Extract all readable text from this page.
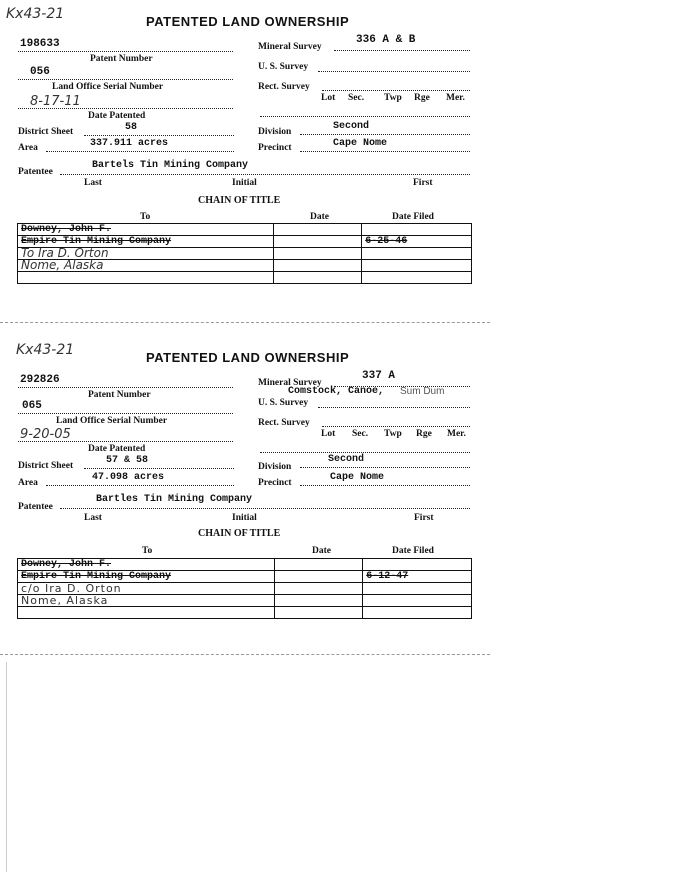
Kx43-21	PATENTED LAND OWNERSHIP
198633
Patent Number
056
Land Office Serial Number
8-17-11
Date Patented
District Sheet	58
Area	337.911 acres
Mineral Survey
336 A & B
U. S. Survey
Rect. Survey
Lot Sec. Twp Rge Mer.
Division	Second
Precinct	Cape Nome
Patentee
Bartels Tin Mining Company
Last	Initial	First
CHAIN OF TITLE
To	Date	Date Filed
Downey, John F.		
Empire Tin Mining Company		6-25-46
To Ira D. Orton		
Nome, Alaska		

Kx43-21	PATENTED LAND OWNERSHIP
292826
Patent Number
065
Land Office Serial Number
9-20-05
Date Patented
District Sheet	57 & 58
Area	47.098 acres
Mineral Survey
337 A
Comstock, Canoe, Sum Dum
U. S. Survey
Rect. Survey
Lot Sec. Twp Rge Mer.
Division
Second
Precinct	Cape Nome
Patentee
Bartles Tin Mining Company
Last	Initial	First
CHAIN OF TITLE
To	Date	Date Filed
Downey, John F.		
Empire Tin Mining Company		6-12-47
c/o Ira D. Orton		
Nome, Alaska		
